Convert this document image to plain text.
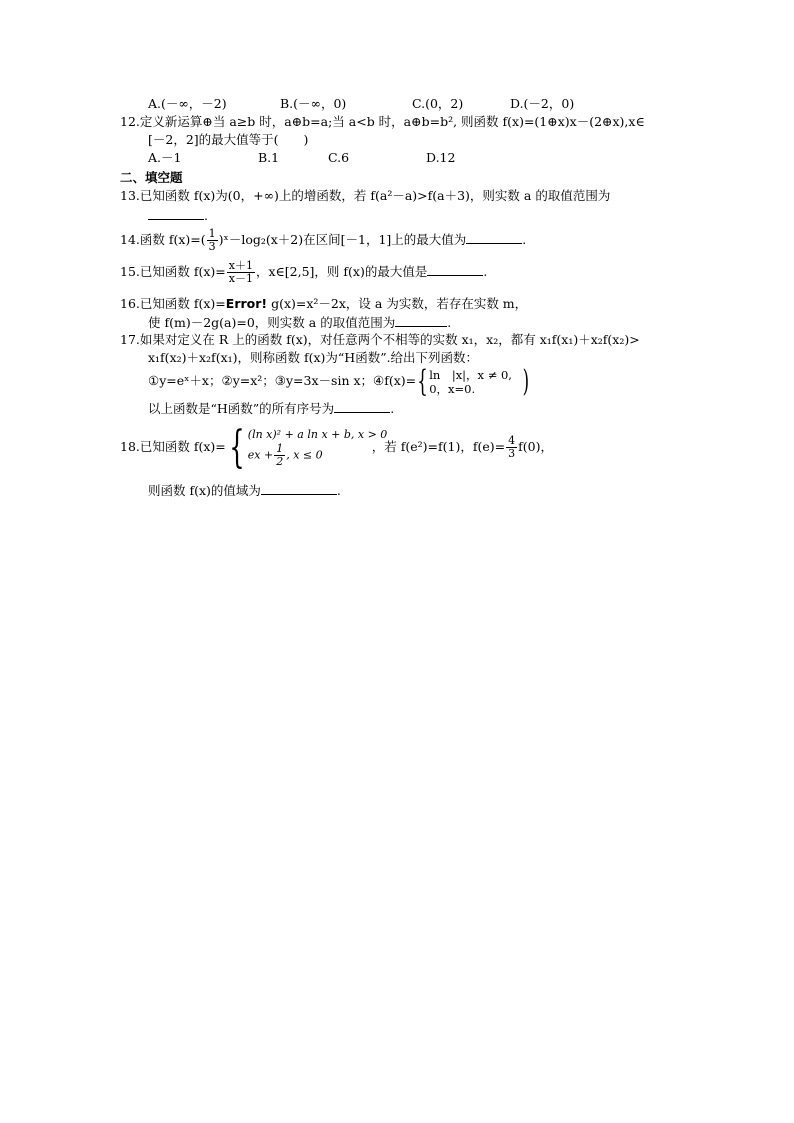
A.(－∞，－2)	B.(－∞，0)	C.(0，2)	D.(－2，0)
12.定义新运算⊕当 a≥b 时，a⊕b=a;当 a<b 时，a⊕b=b², 则函数 f(x)=(1⊕x)x－(2⊕x),x∈
[－2，2]的最大值等于(　　)
A.－1	B.1	C.6	D.12
二、填空题
13.已知函数 f(x)为(0，+∞)上的增函数，若 f(a²－a)>f(a＋3)，则实数 a 的取值范围为
.
14.函数 $f(x)=( \frac{1}{3}$ )ˣ－log₂(x＋2)在区间[－1，1]上的最大值为	.
15.已知函数 $f(x)= \frac{x+1}{x-1}$ ，x∈[2,5]，则 f(x)的最大值是	.
16.已知函数 f(x)=Error! g(x)=x²－2x，设 a 为实数，若存在实数 m，
使 f(m)－2g(a)=0，则实数 a 的取值范围为	.
17.如果对定义在 R 上的函数 f(x)，对任意两个不相等的实数 x₁，x₂，都有 x₁f(x₁)＋x₂f(x₂)>
x₁f(x₂)＋x₂f(x₁)，则称函数 f(x)为“H函数”.给出下列函数：
①y=eˣ＋x；②y=x²；③y=3x－sin x；④f(x)={ ln　|x|，x ≠ 0,
0，x=0.	)
以上函数是“H函数”的所有序号为	.
18.已知函数 f(x)={ (ln x)² + a ln x + b, x > 0
ex + $\frac{1}{2}$ , x ≤ 0
，若 f(e²)=f(1)，$f(e)= \frac{4}{3} f(0)$，
则函数 f(x)的值域为	.
